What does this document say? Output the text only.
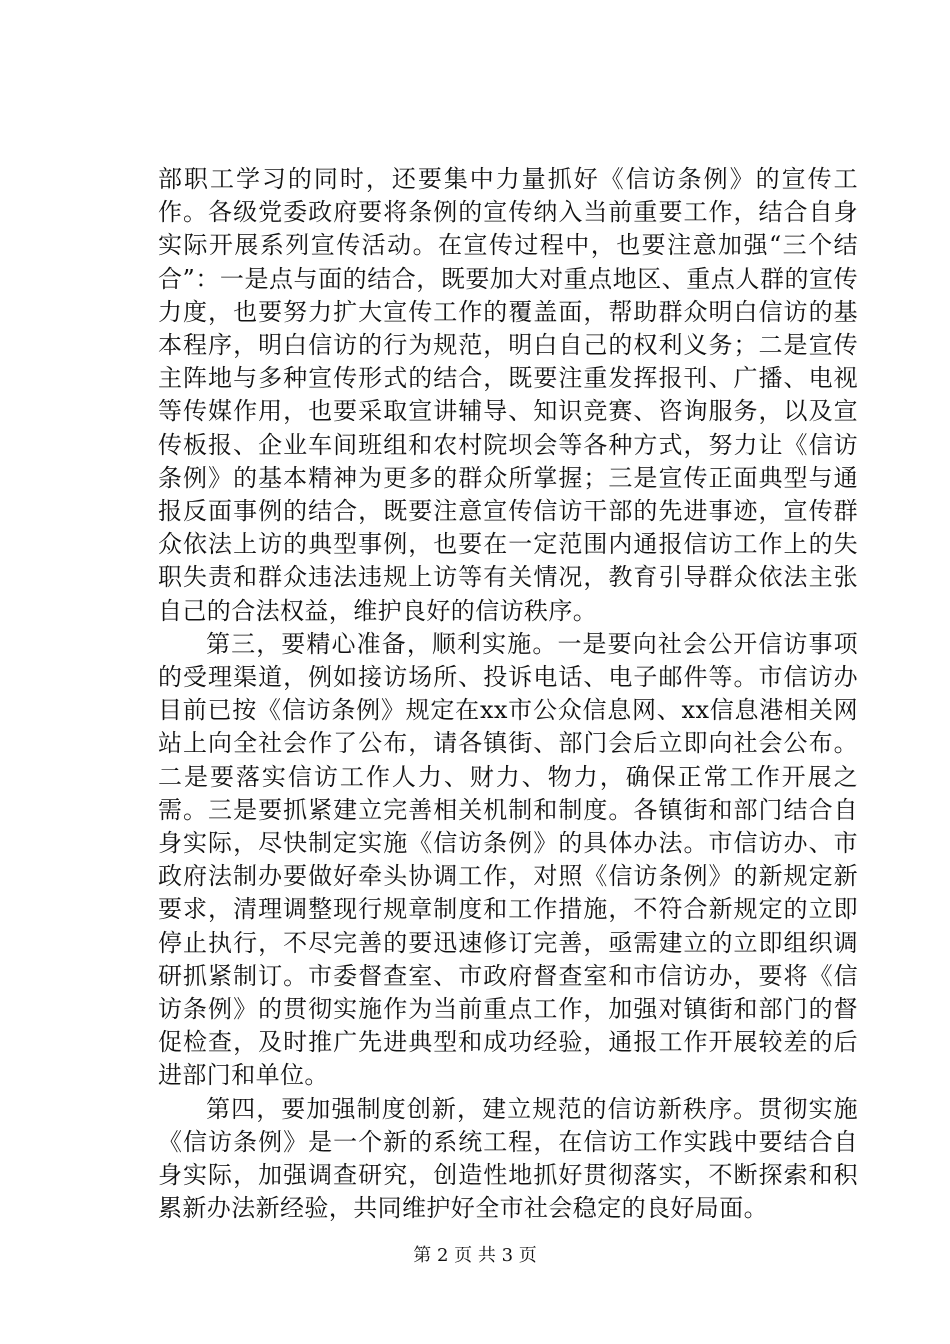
部职工学习的同时，还要集中力量抓好《信访条例》的宣传工作。各级党委政府要将条例的宣传纳入当前重要工作，结合自身实际开展系列宣传活动。在宣传过程中，也要注意加强“三个结合”：一是点与面的结合，既要加大对重点地区、重点人群的宣传力度，也要努力扩大宣传工作的覆盖面，帮助群众明白信访的基本程序，明白信访的行为规范，明白自己的权利义务；二是宣传主阵地与多种宣传形式的结合，既要注重发挥报刊、广播、电视等传媒作用，也要采取宣讲辅导、知识竞赛、咨询服务，以及宣传板报、企业车间班组和农村院坝会等各种方式，努力让《信访条例》的基本精神为更多的群众所掌握；三是宣传正面典型与通报反面事例的结合，既要注意宣传信访干部的先进事迹，宣传群众依法上访的典型事例，也要在一定范围内通报信访工作上的失职失责和群众违法违规上访等有关情况，教育引导群众依法主张自己的合法权益，维护良好的信访秩序。

第三，要精心准备，顺利实施。一是要向社会公开信访事项的受理渠道，例如接访场所、投诉电话、电子邮件等。市信访办目前已按《信访条例》规定在xx市公众信息网、xx信息港相关网站上向全社会作了公布，请各镇街、部门会后立即向社会公布。二是要落实信访工作人力、财力、物力，确保正常工作开展之需。三是要抓紧建立完善相关机制和制度。各镇街和部门结合自身实际，尽快制定实施《信访条例》的具体办法。市信访办、市政府法制办要做好牵头协调工作，对照《信访条例》的新规定新要求，清理调整现行规章制度和工作措施，不符合新规定的立即停止执行，不尽完善的要迅速修订完善，亟需建立的立即组织调研抓紧制订。市委督查室、市政府督查室和市信访办，要将《信访条例》的贯彻实施作为当前重点工作，加强对镇街和部门的督促检查，及时推广先进典型和成功经验，通报工作开展较差的后进部门和单位。

第四，要加强制度创新，建立规范的信访新秩序。贯彻实施《信访条例》是一个新的系统工程，在信访工作实践中要结合自身实际，加强调查研究，创造性地抓好贯彻落实，不断探索和积累新办法新经验，共同维护好全市社会稳定的良好局面。

第 2 页 共 3 页
